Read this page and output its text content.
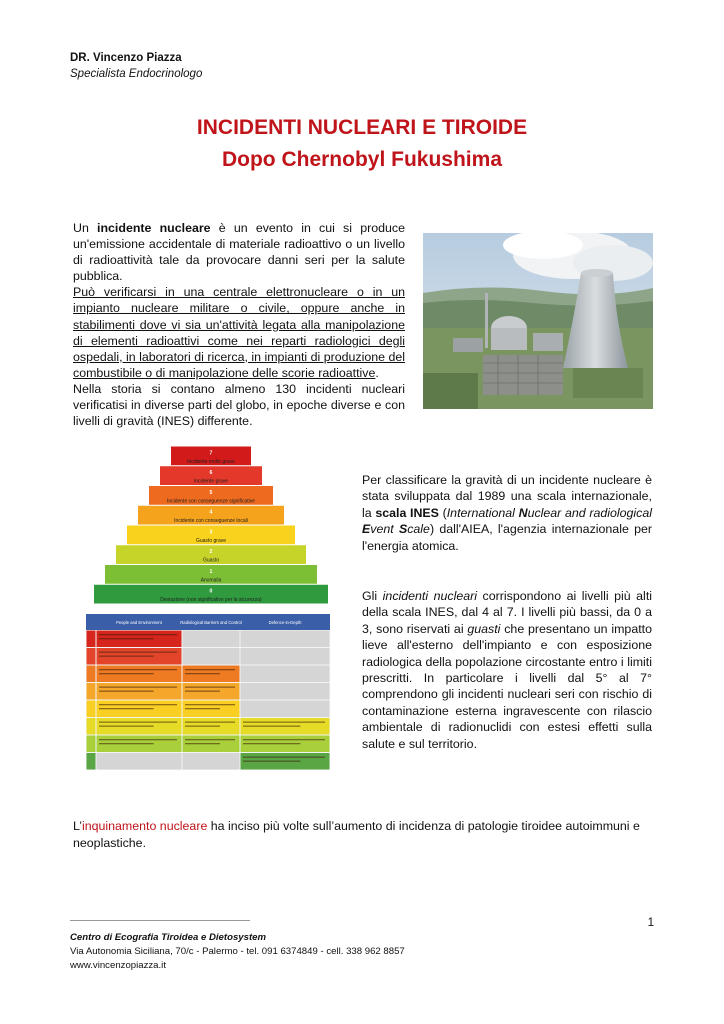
DR. Vincenzo Piazza
Specialista Endocrinologo
INCIDENTI NUCLEARI E TIROIDE
Dopo Chernobyl Fukushima
Un incidente nucleare è un evento in cui si produce un'emissione accidentale di materiale radioattivo o un livello di radioattività tale da provocare danni seri per la salute pubblica.
Può verificarsi in una centrale elettronucleare o in un impianto nucleare militare o civile, oppure anche in stabilimenti dove vi sia un'attività legata alla manipolazione di elementi radioattivi come nei reparti radiologici degli ospedali, in laboratori di ricerca, in impianti di produzione del combustibile o di manipolazione delle scorie radioattive.
Nella storia si contano almeno 130 incidenti nucleari verificatisi in diverse parti del globo, in epoche diverse e con livelli di gravità (INES) differente.
7
Incidente molto grave
6
Incidente grave
5
Incidente con conseguenze significative
4
Incidente con conseguenze locali
3
Guasto grave
2
Guasto
1
Anomalia
0
Deviazione (non significativo per la sicurezza)
People and Environment	Radiological Barriers and Control	Defence-in-Depth
Per classificare la gravità di un incidente nucleare è stata sviluppata dal 1989 una scala internazionale, la scala INES (International Nuclear and radiological Event Scale) dall'AIEA, l'agenzia internazionale per l'energia atomica.
Gli incidenti nucleari corrispondono ai livelli più alti della scala INES, dal 4 al 7. I livelli più bassi, da 0 a 3, sono riservati ai guasti che presentano un impatto lieve all'esterno dell'impianto e con esposizione radiologica della popolazione circostante entro i limiti prescritti. In particolare i livelli dal 5° al 7° comprendono gli incidenti nucleari seri con rischio di contaminazione esterna ingravescente con rilascio ambientale di radionuclidi con estesi effetti sulla salute e sul territorio.
L’inquinamento nucleare ha inciso più volte sull’aumento di incidenza di patologie tiroidee autoimmuni e neoplastiche.
1
Centro di Ecografia Tiroidea e Dietosystem
Via Autonomia Siciliana, 70/c - Palermo - tel. 091 6374849 - cell. 338 962 8857
www.vincenzopiazza.it
